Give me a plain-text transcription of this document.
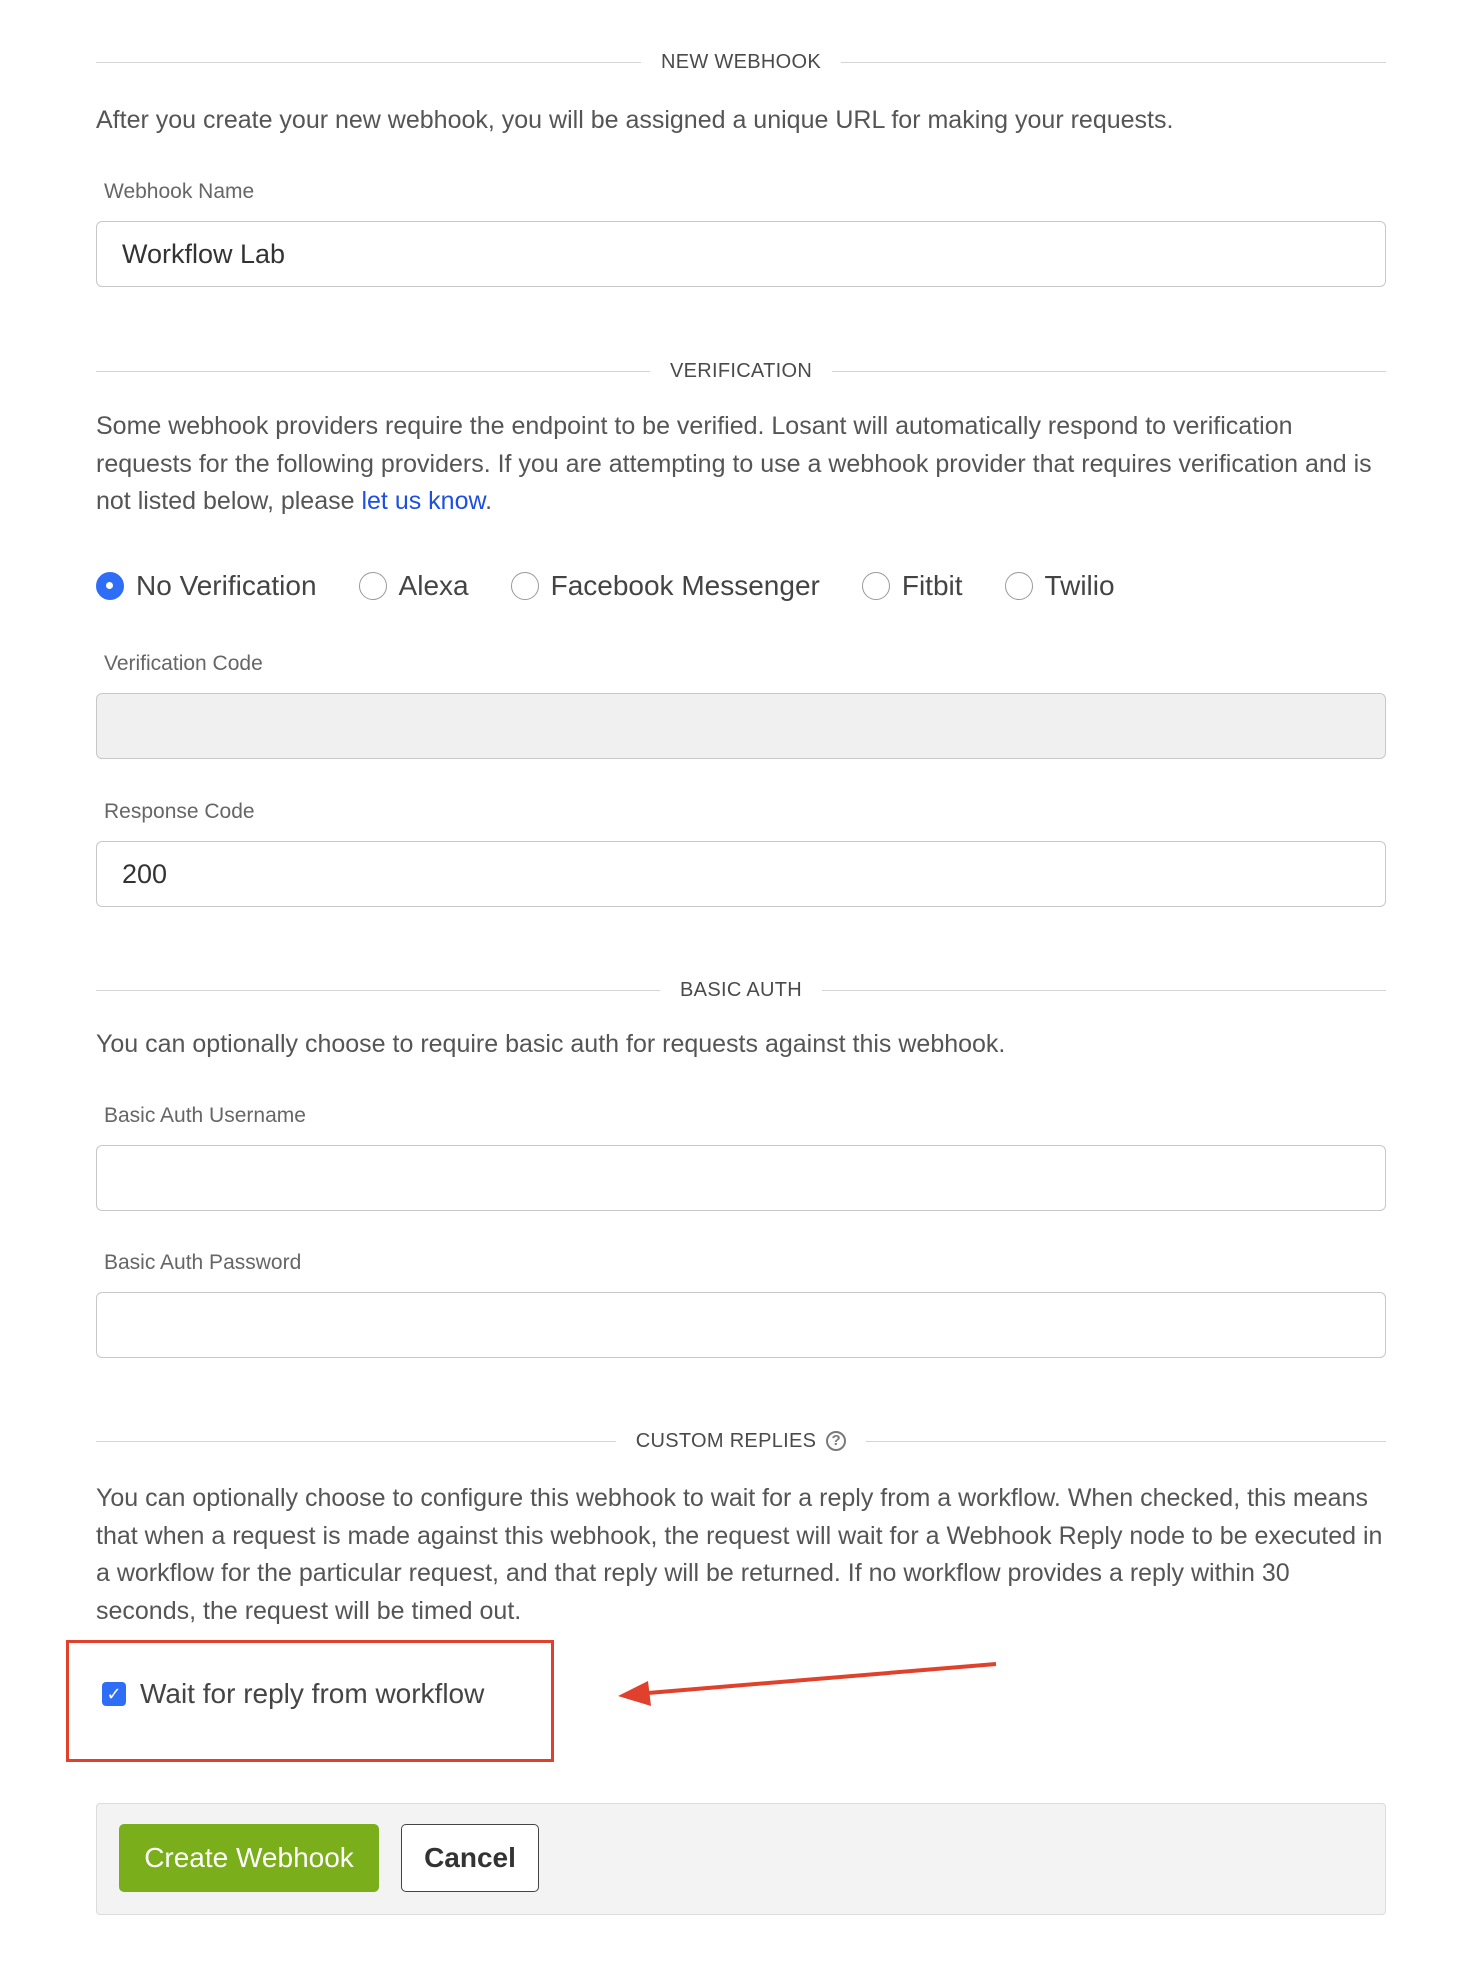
NEW WEBHOOK
After you create your new webhook, you will be assigned a unique URL for making your requests.
Webhook Name
Workflow Lab
VERIFICATION
Some webhook providers require the endpoint to be verified. Losant will automatically respond to verification requests for the following providers. If you are attempting to use a webhook provider that requires verification and is not listed below, please let us know.
No Verification	Alexa	Facebook Messenger	Fitbit	Twilio
Verification Code
Response Code
200
BASIC AUTH
You can optionally choose to require basic auth for requests against this webhook.
Basic Auth Username
Basic Auth Password
CUSTOM REPLIES	?
You can optionally choose to configure this webhook to wait for a reply from a workflow. When checked, this means that when a request is made against this webhook, the request will wait for a Webhook Reply node to be executed in a workflow for the particular request, and that reply will be returned. If no workflow provides a reply within 30 seconds, the request will be timed out.
✓ Wait for reply from workflow
Create Webhook	Cancel
